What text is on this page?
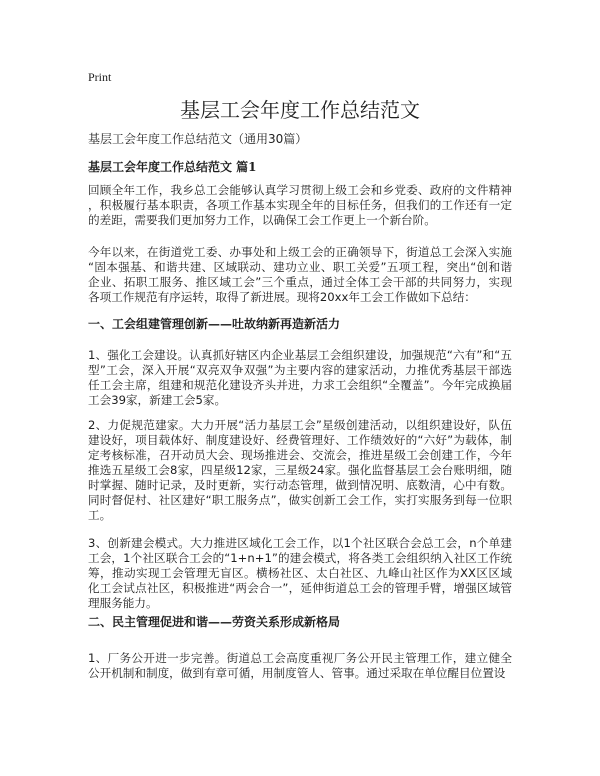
Print
基层工会年度工作总结范文
基层工会年度工作总结范文（通用30篇）
基层工会年度工作总结范文 篇1
回顾全年工作，我乡总工会能够认真学习贯彻上级工会和乡党委、政府的文件精神
，积极履行基本职责，各项工作基本实现全年的目标任务，但我们的工作还有一定
的差距，需要我们更加努力工作，以确保工会工作更上一个新台阶。
今年以来，在街道党工委、办事处和上级工会的正确领导下，街道总工会深入实施
“固本强基、和谐共建、区域联动、建功立业、职工关爱”五项工程，突出“创和谐
企业、拓职工服务、推区域工会”三个重点，通过全体工会干部的共同努力，实现
各项工作规范有序运转，取得了新进展。现将20xx年工会工作做如下总结：
一、工会组建管理创新——吐故纳新再造新活力
1、强化工会建设。认真抓好辖区内企业基层工会组织建设，加强规范“六有”和“五
型”工会，深入开展“双亮双争双强”为主要内容的建家活动，力推优秀基层干部选
任工会主席，组建和规范化建设齐头并进，力求工会组织“全覆盖”。今年完成换届
工会39家，新建工会5家。
2、力促规范建家。大力开展“活力基层工会”星级创建活动，以组织建设好，队伍
建设好，项目载体好、制度建设好、经费管理好、工作绩效好的“六好”为载体，制
定考核标准，召开动员大会、现场推进会、交流会，推进星级工会创建工作，今年
推选五星级工会8家，四星级12家，三星级24家。强化监督基层工会台账明细，随
时掌握、随时记录，及时更新，实行动态管理，做到情况明、底数清，心中有数。
同时督促村、社区建好“职工服务点”，做实创新工会工作，实打实服务到每一位职
工。
3、创新建会模式。大力推进区域化工会工作，以1个社区联合会总工会，n个单建
工会，1个社区联合工会的“1+n+1”的建会模式，将各类工会组织纳入社区工作统
筹，推动实现工会管理无盲区。横杨社区、太白社区、九峰山社区作为XX区区域
化工会试点社区，积极推进“两会合一”，延伸街道总工会的管理手臂，增强区域管
理服务能力。
二、民主管理促进和谐——劳资关系形成新格局
1、厂务公开进一步完善。街道总工会高度重视厂务公开民主管理工作，建立健全
公开机制和制度，做到有章可循，用制度管人、管事。通过采取在单位醒目位置设
